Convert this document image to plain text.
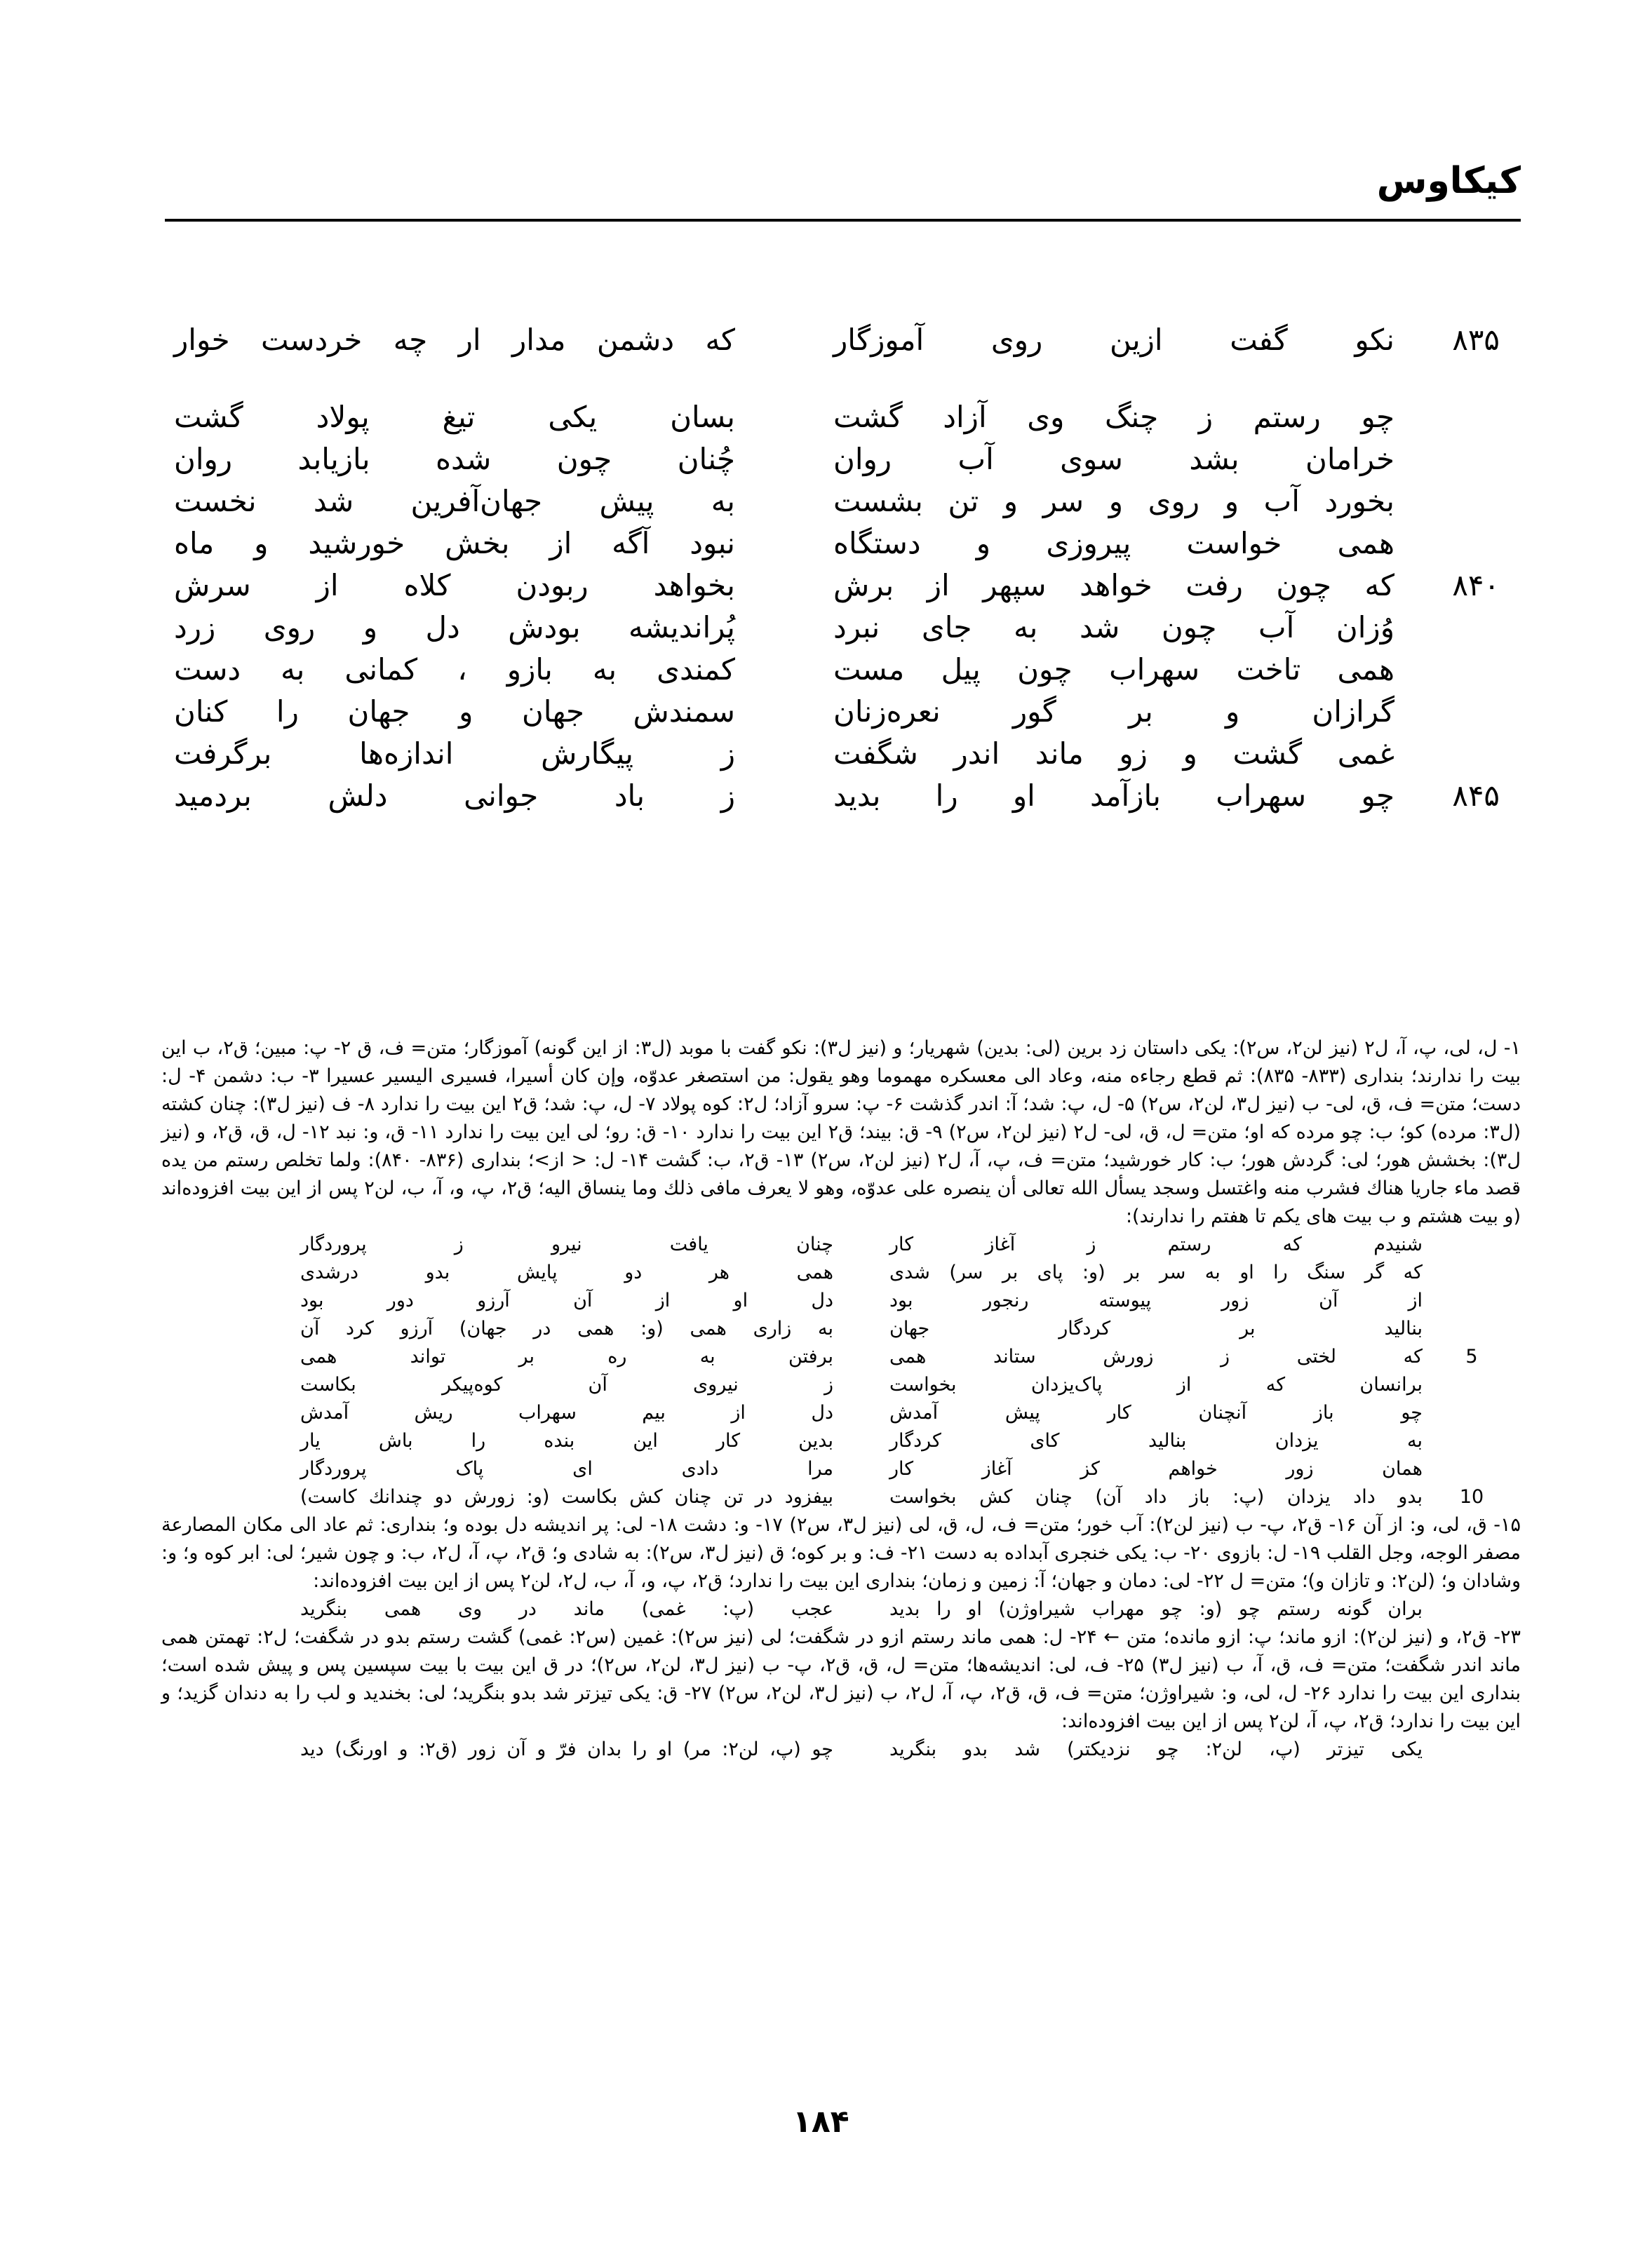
کیکاوس
۸۳۵
نکو گفت ازین روی آموزگار
که دشمن مدار ار چه خردست خوار
چو رستم ز چنگ وی آزاد گشت
بسان یکی تیغ پولاد گشت
خرامان بشد سوی آب روان
چُنان چون شده بازیابد روان
بخورد آب و روی و سر و تن بشست
به پیش جهان‌آفرین شد نخست
همی خواست پیروزی و دستگاه
نبود آگه از بخش خورشید و ماه
۸۴۰
که چون رفت خواهد سپهر از برش
بخواهد ربودن کلاه از سرش
وُزان آب چون شد به جای نبرد
پُراندیشه بودش دل و روی زرد
همی تاخت سهراب چون پیل مست
کمندی به بازو ، کمانی به دست
گرازان و بر گور نعره‌زنان
سمندش جهان و جهان را کنان
غمی گشت و زو ماند اندر شگفت
ز پیگارش اندازه‌ها برگرفت
۸۴۵
چو سهراب بازآمد او را بدید
ز باد جوانی دلش بردمید

۱- ل، لی، پ، آ، ل۲ (نیز لن۲، س۲): یکی داستان زد برین (لی: بدین) شهریار؛ و (نیز ل۳): نکو گفت با موبد (ل۳: از این گونه) آموزگار؛ متن= ف، ق ۲- پ: مبین؛ ق۲، ب این بیت را ندارند؛ بنداری (۸۳۳- ۸۳۵): ثم قطع رجاءه منه، وعاد الی معسکره مهموما وهو یقول: من استصغر عدوّه، وإن کان أسیرا، فسیری الیسیر عسیرا ۳- ب: دشمن ۴- ل: دست؛ متن= ف، ق، لی- ب (نیز ل۳، لن۲، س۲) ۵- ل، پ: شد؛ آ: اندر گذشت ۶- پ: سرو آزاد؛ ل۲: کوه پولاد ۷- ل، پ: شد؛ ق۲ این بیت را ندارد ۸- ف (نیز ل۳): چنان کشته (ل۳: مرده) کو؛ ب: چو مرده که او؛ متن= ل، ق، لی- ل۲ (نیز لن۲، س۲) ۹- ق: بیند؛ ق۲ این بیت را ندارد ۱۰- ق: رو؛ لی این بیت را ندارد ۱۱- ق، و: نبد ۱۲- ل، ق، ق۲، و (نیز ل۳): بخشش هور؛ لی: گردش هور؛ ب: کار خورشید؛ متن= ف، پ، آ، ل۲ (نیز لن۲، س۲) ۱۳- ق۲، ب: گشت ۱۴- ل: < از>؛ بنداری (۸۳۶- ۸۴۰): ولما تخلص رستم من یده قصد ماء جاریا هناك فشرب منه واغتسل وسجد یسأل الله تعالی أن ینصره علی عدوّه، وهو لا یعرف مافی ذلك وما ینساق الیه؛ ق۲، پ، و، آ، ب، لن۲ پس از این بیت افزوده‌اند (و بیت هشتم و ب بیت های یکم تا هفتم را ندارند):

شنیدم که رستم ز آغاز کار
چنان یافت نیرو ز پروردگار
که گر سنگ را او به سر بر (و: پای بر سر) شدی
همی هر دو پایش بدو درشدی
از آن زور پیوسته رنجور بود
دل او از آن آرزو دور بود
بنالید بر کردگار جهان
به زاری همی (و: همی در جهان) آرزو کرد آن
5
که لختی ز زورش ستاند همی
برفتن به ره بر تواند همی
برانسان که از پاک‌یزدان بخواست
ز نیروی آن کوه‌پیکر بکاست
چو باز آنچنان کار پیش آمدش
دل از بیم سهراب ریش آمدش
به یزدان بنالید کای کردگار
بدین کار این بنده را باش یار
همان زور خواهم کز آغاز کار
مرا دادی ای پاک پروردگار
10
بدو داد یزدان (پ: باز داد آن) چنان کش بخواست
بیفزود در تن چنان کش بکاست (و: زورش دو چندانك کاست)

۱۵- ق، لی، و: از آن ۱۶- ق۲، پ- ب (نیز لن۲): آب خور؛ متن= ف، ل، ق، لی (نیز ل۳، س۲) ۱۷- و: دشت ۱۸- لی: پر اندیشه دل بوده و؛ بنداری: ثم عاد الی مکان المصارعة مصفر الوجه، وجل القلب ۱۹- ل: بازوی ۲۰- ب: یکی خنجری آبداده به دست ۲۱- ف: و بر کوه؛ ق (نیز ل۳، س۲): به شادی و؛ ق۲، پ، آ، ل۲، ب: و چون شیر؛ لی: ابر کوه و؛ و: وشادان و؛ (لن۲: و تازان و)؛ متن= ل ۲۲- لی: دمان و جهان؛ آ: زمین و زمان؛ بنداری این بیت را ندارد؛ ق۲، پ، و، آ، ب، ل۲، لن۲ پس از این بیت افزوده‌اند:

بران گونه رستم چو (و: چو مهراب شیراوژن) او را بدید
عجب (پ: غمی) ماند در وی همی بنگرید

۲۳- ق۲، و (نیز لن۲): ازو ماند؛ پ: ازو مانده؛ متن ← ۲۴- ل: همی ماند رستم ازو در شگفت؛ لی (نیز س۲): غمین (س۲: غمی) گشت رستم بدو در شگفت؛ ل۲: تهمتن همی ماند اندر شگفت؛ متن= ف، ق، آ، ب (نیز ل۳) ۲۵- ف، لی: اندیشه‌ها؛ متن= ل، ق، ق۲، پ- ب (نیز ل۳، لن۲، س۲)؛ در ق این بیت با بیت سپسین پس و پیش شده است؛ بنداری این بیت را ندارد ۲۶- ل، لی، و: شیراوژن؛ متن= ف، ق، ق۲، پ، آ، ل۲، ب (نیز ل۳، لن۲، س۲) ۲۷- ق: یکی تیزتر شد بدو بنگرید؛ لی: بخندید و لب را به دندان گزید؛ و این بیت را ندارد؛ ق۲، پ، آ، لن۲ پس از این بیت افزوده‌اند:

یکی تیزتر (پ، لن۲: چو نزدیکتر) شد بدو بنگرید
چو (پ، لن۲: مر) او را بدان فرّ و آن زور (ق۲: و اورنگ) دید
۱۸۴
